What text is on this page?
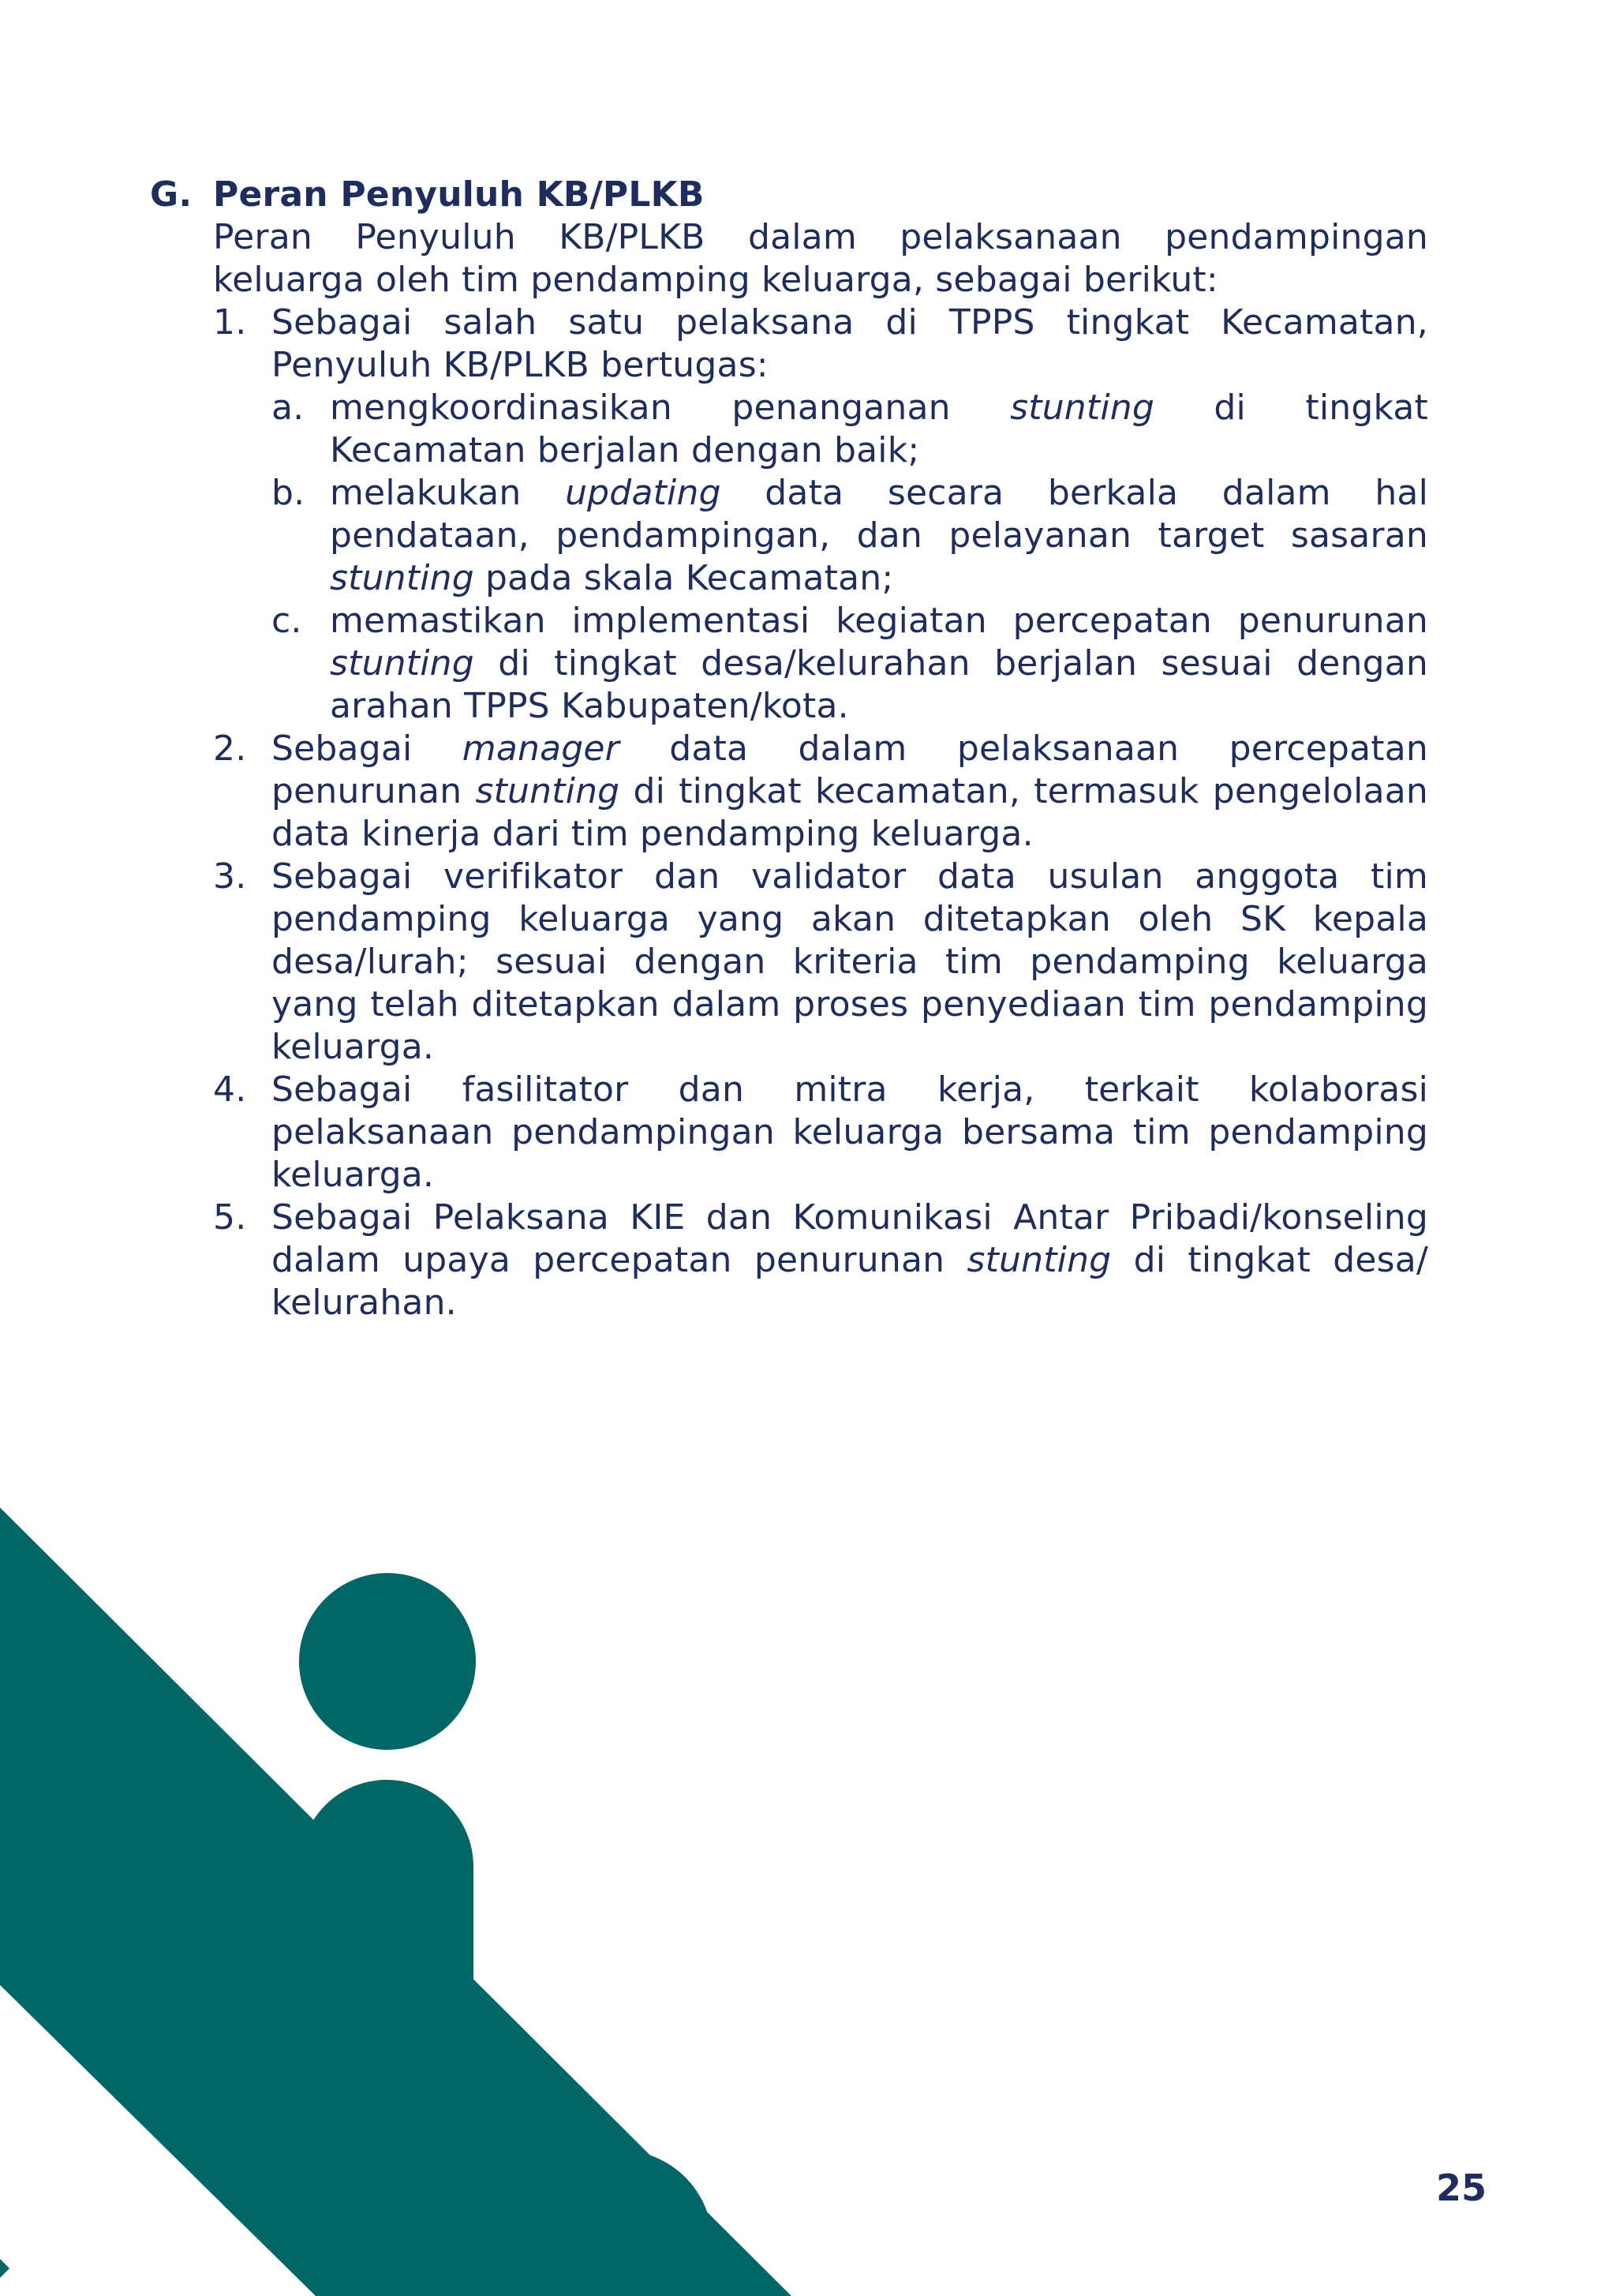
G. Peran Penyuluh KB/PLKB
Peran Penyuluh KB/PLKB dalam pelaksanaan pendampingan keluarga oleh tim pendamping keluarga, sebagai berikut:
1. Sebagai salah satu pelaksana di TPPS tingkat Kecamatan, Penyuluh KB/PLKB bertugas:
a. mengkoordinasikan penanganan stunting di tingkat Kecamatan berjalan dengan baik;
b. melakukan updating data secara berkala dalam hal pendataan, pendampingan, dan pelayanan target sasaran stunting pada skala Kecamatan;
c. memastikan implementasi kegiatan percepatan penurunan stunting di tingkat desa/kelurahan berjalan sesuai dengan arahan TPPS Kabupaten/kota.
2. Sebagai manager data dalam pelaksanaan percepatan penurunan stunting di tingkat kecamatan, termasuk pengelolaan data kinerja dari tim pendamping keluarga.
3. Sebagai verifikator dan validator data usulan anggota tim pendamping keluarga yang akan ditetapkan oleh SK kepala desa/lurah; sesuai dengan kriteria tim pendamping keluarga yang telah ditetapkan dalam proses penyediaan tim pendamping keluarga.
4. Sebagai fasilitator dan mitra kerja, terkait kolaborasi pelaksanaan pendampingan keluarga bersama tim pendamping keluarga.
5. Sebagai Pelaksana KIE dan Komunikasi Antar Pribadi/konseling dalam upaya percepatan penurunan stunting di tingkat desa/ kelurahan.
25
